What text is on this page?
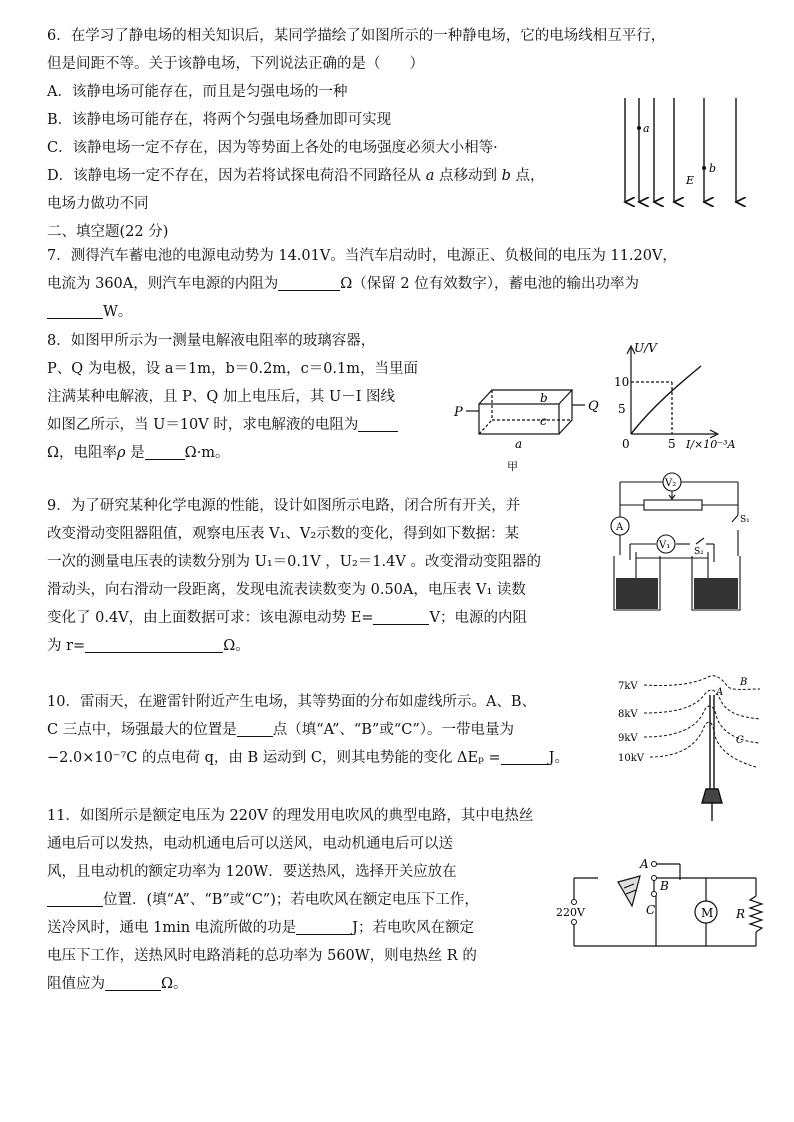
6．在学习了静电场的相关知识后，某同学描绘了如图所示的一种静电场，它的电场线相互平行，
但是间距不等。关于该静电场，下列说法正确的是（　　）
A．该静电场可能存在，而且是匀强电场的一种
B．该静电场可能存在，将两个匀强电场叠加即可实现
C．该静电场一定不存在，因为等势面上各处的电场强度必须大小相等·
D．该静电场一定不存在，因为若将试探电荷沿不同路径从 a 点移动到 b 点，
电场力做功不同
二、填空题(22 分)
a
b
E
7．测得汽车蓄电池的电源电动势为 14.01V。当汽车启动时，电源正、负极间的电压为 11.20V，
电流为 360A，则汽车电源的内阻为	Ω（保留 2 位有效数字），蓄电池的输出功率为
W。
8．如图甲所示为一测量电解液电阻率的玻璃容器，
P、Q 为电极，设 a＝1m，b＝0.2m，c＝0.1m，当里面
注满某种电解液，且 P、Q 加上电压后，其 U－I 图线
如图乙所示，当 U＝10V 时，求电解液的电阻为
Ω，电阻率ρ 是	Ω·m。
P	Q
b
c
a
甲
U/V
10
5
0	5 I/×10⁻³A
9．为了研究某种化学电源的性能，设计如图所示电路，闭合所有开关，并
改变滑动变阻器阻值，观察电压表 V₁、V₂示数的变化，得到如下数据：某
一次的测量电压表的读数分别为 U₁＝0.1V ，U₂＝1.4V 。改变滑动变阻器的
滑动头，向右滑动一段距离，发现电流表读数变为 0.50A，电压表 V₁ 读数
变化了 0.4V，由上面数据可求：该电源电动势 E=	V；电源的内阻
为 r=	Ω。
V₂
A
V₁
S₁
S₂
10．雷雨天，在避雷针附近产生电场，其等势面的分布如虚线所示。A、B、
C 三点中，场强最大的位置是 点（填“A”、“B”或“C”）。一带电量为
−2.0×10⁻⁷C 的点电荷 q，由 B 运动到 C，则其电势能的变化 ΔEₚ =	J。
7kV
8kV
9kV
10kV
A
B
C
11．如图所示是额定电压为 220V 的理发用电吹风的典型电路，其中电热丝
通电后可以发热，电动机通电后可以送风，电动机通电后可以送
风，且电动机的额定功率为 120W．要送热风，选择开关应放在
位置．(填“A”、“B”或“C”)；若电吹风在额定电压下工作，
送冷风时，通电 1min 电流所做的功是	J；若电吹风在额定
电压下工作，送热风时电路消耗的总功率为 560W，则电热丝 R 的
阻值应为	Ω。
A
B
C	M R
220V
